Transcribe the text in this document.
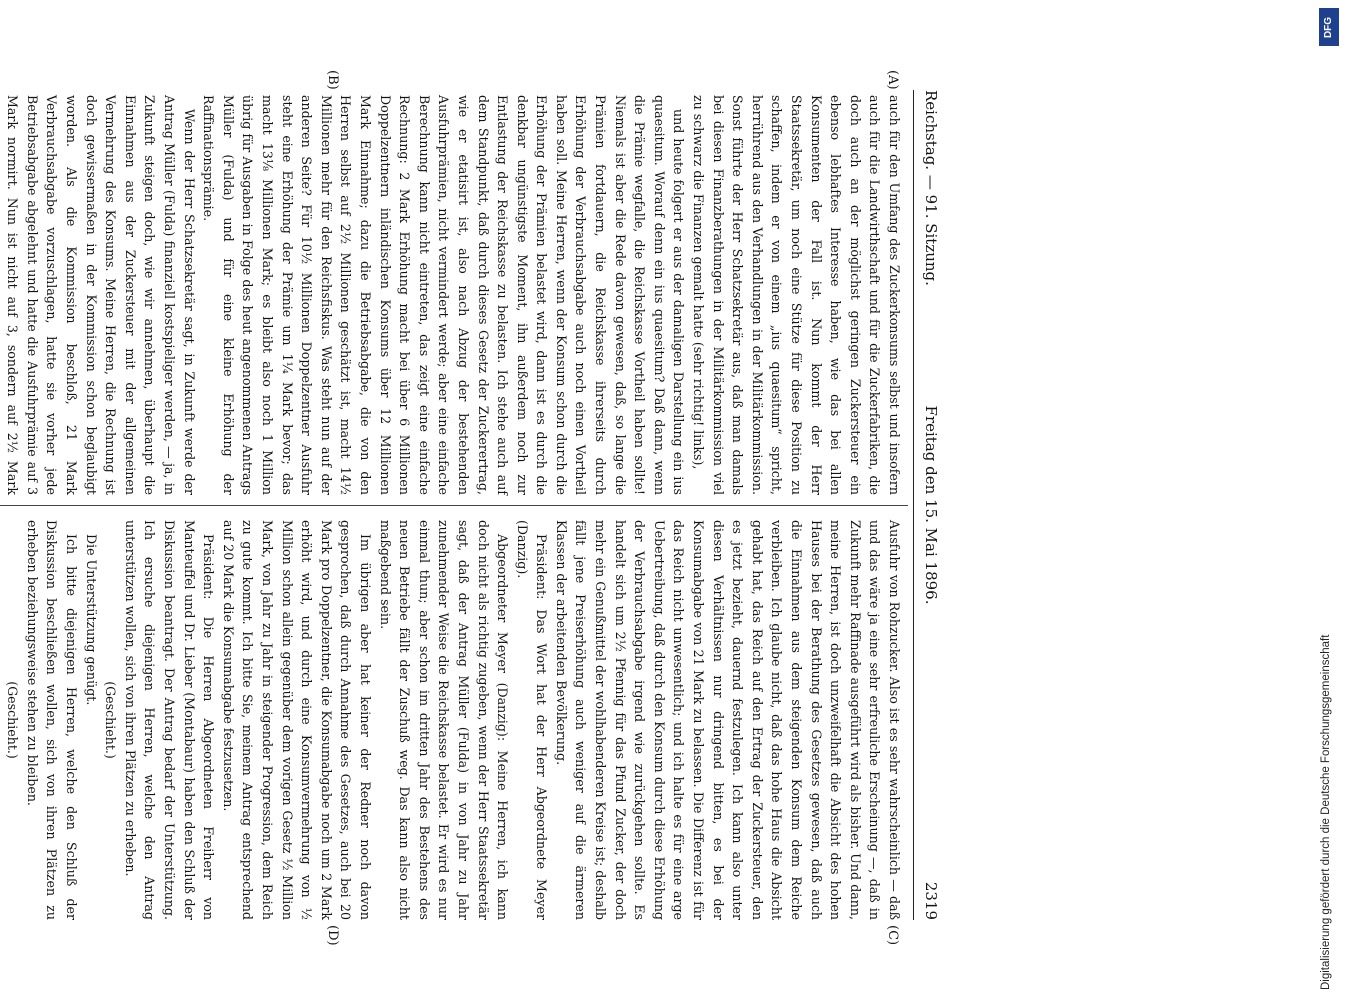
Reichstag. — 91. Sitzung.
Freitag den 15. Mai 1896.
2319
(A)
(B)
(C)
(D)

auch für den Umfang des Zuckerkonsums selbst und insofern auch für die Landwirthschaft und für die Zuckerfabriken, die doch auch an der möglichst geringen Zuckersteuer ein ebenso lebhaftes Interesse haben, wie das bei allen Konsumenten der Fall ist. Nun kommt der Herr Staatssekretär, um noch eine Stütze für diese Position zu schaffen, indem er von einem „ius quaesitum“ spricht, herrührend aus den Verhandlungen in der Militärkommission. Sonst führte der Herr Schatzsekretär aus, daß man damals bei diesen Finanzberathungen in der Militärkommission viel zu schwarz die Finanzen gemalt hatte (sehr richtig! links),

und heute folgert er aus der damaligen Darstellung ein ius quaesitum. Worauf denn ein ius quaesitum? Daß dann, wenn die Prämie wegfalle, die Reichskasse Vortheil haben sollte! Niemals ist aber die Rede davon gewesen, daß, so lange die Prämien fortdauern, die Reichskasse ihrerseits durch Erhöhung der Verbrauchsabgabe auch noch einen Vortheil haben soll. Meine Herren, wenn der Konsum schon durch die Erhöhung der Prämien belastet wird, dann ist es durch die denkbar ungünstigste Moment, ihn außerdem noch zur Entlastung der Reichskasse zu belasten. Ich stehe auch auf dem Standpunkt, daß durch dieses Gesetz der Zuckerertrag, wie er etatisirt ist, also nach Abzug der bestehenden Ausfuhrprämien, nicht vermindert werde; aber eine einfache Berechnung kann nicht eintreten, das zeigt eine einfache Rechnung: 2 Mark Erhöhung macht bei über 6 Millionen Doppelzentnern inländischen Konsums über 12 Millionen Mark Einnahme; dazu die Betriebsabgabe, die von den Herren selbst auf 2½ Millionen geschätzt ist, macht 14½ Millionen mehr für den Reichsfiskus. Was steht nun auf der anderen Seite? Für 10½ Millionen Doppelzentner Ausfuhr steht eine Erhöhung der Prämie um 1¼ Mark bevor; das macht 13⅛ Millionen Mark; es bleibt also noch 1 Million übrig für Ausgaben in Folge des heut angenommenen Antrags Müller (Fulda) und für eine kleine Erhöhung der Raffinationsprämie.

Wenn der Herr Schatzsekretär sagt, in Zukunft werde der Antrag Müller (Fulda) finanziell kostspieliger werden, — ja, in Zukunft steigen doch, wie wir annehmen, überhaupt die Einnahmen aus der Zuckersteuer mit der allgemeinen Vermehrung des Konsums. Meine Herren, die Rechnung ist doch gewissermaßen in der Kommission schon beglaubigt worden. Als die Kommission beschloß, 21 Mark Verbrauchsabgabe vorzuschlagen, hatte sie vorher jede Betriebsabgabe abgelehnt und hatte die Ausfuhrprämie auf 3 Mark normirt. Nun ist nicht auf 3, sondern auf 2½ Mark

Ausfuhr von Rohzucker. Also ist es sehr wahrscheinlich — daß und das wäre ja eine sehr erfreuliche Erscheinung —, daß in Zukunft mehr Raffinade ausgeführt wird als bisher. Und dann, meine Herren, ist doch unzweifelhaft die Absicht des hohen Hauses bei der Berathung des Gesetzes gewesen, daß auch die Einnahmen aus dem steigenden Konsum dem Reiche verbleiben. Ich glaube nicht, daß das hohe Haus die Absicht gehabt hat, das Reich auf den Ertrag der Zuckersteuer, den es jetzt bezieht, dauernd festzulegen. Ich kann also unter diesen Verhältnissen nur dringend bitten, es bei der Konsumabgabe von 21 Mark zu belassen. Die Differenz ist für das Reich nicht unwesentlich; und ich halte es für eine arge Uebertreibung, daß durch den Konsum durch diese Erhöhung der Verbrauchsabgabe irgend wie zurückgehen sollte. Es handelt sich um 2½ Pfennig für das Pfund Zucker, der doch mehr ein Genußmittel der wohlhabenderen Kreise ist; deshalb fällt jene Preiserhöhung auch weniger auf die ärmeren Klassen der arbeitenden Bevölkerung.

Präsident: Das Wort hat der Herr Abgeordnete Meyer (Danzig).

Abgeordneter Meyer (Danzig): Meine Herren, ich kann doch nicht als richtig zugeben, wenn der Herr Staatssekretär sagt, daß der Antrag Müller (Fulda) in von Jahr zu Jahr zunehmender Weise die Reichskasse belastet. Er wird es nur einmal thun; aber schon im dritten Jahr des Bestehens des neuen Betriebe fällt der Zuschuß weg. Das kann also nicht maßgebend sein.

Im übrigen aber hat keiner der Redner noch davon gesprochen, daß durch Annahme des Gesetzes, auch bei 20 Mark pro Doppelzentner, die Konsumabgabe noch um 2 Mark erhöht wird, und durch eine Konsumvermehrung von ½ Million schon allein gegenüber dem vorigen Gesetz ½ Million Mark, von Jahr zu Jahr in steigender Progression, dem Reich zu gute kommt. Ich bitte Sie, meinem Antrag entsprechend auf 20 Mark die Konsumabgabe festzusetzen.

Präsident: Die Herren Abgeordneten Freiherr von Manteuffel und Dr. Lieber (Montabaur) haben den Schluß der Diskussion beantragt. Der Antrag bedarf der Unterstützung. Ich ersuche diejenigen Herren, welche den Antrag unterstützen wollen, sich von ihren Plätzen zu erheben.

(Geschieht.)

Die Unterstützung genügt.

Ich bitte diejenigen Herren, welche den Schluß der Diskussion beschließen wollen, sich von ihren Plätzen zu erheben beziehungsweise stehen zu bleiben.

(Geschieht.)

DFG
Digitalisierung gefördert durch die Deutsche Forschungsgemeinschaft
